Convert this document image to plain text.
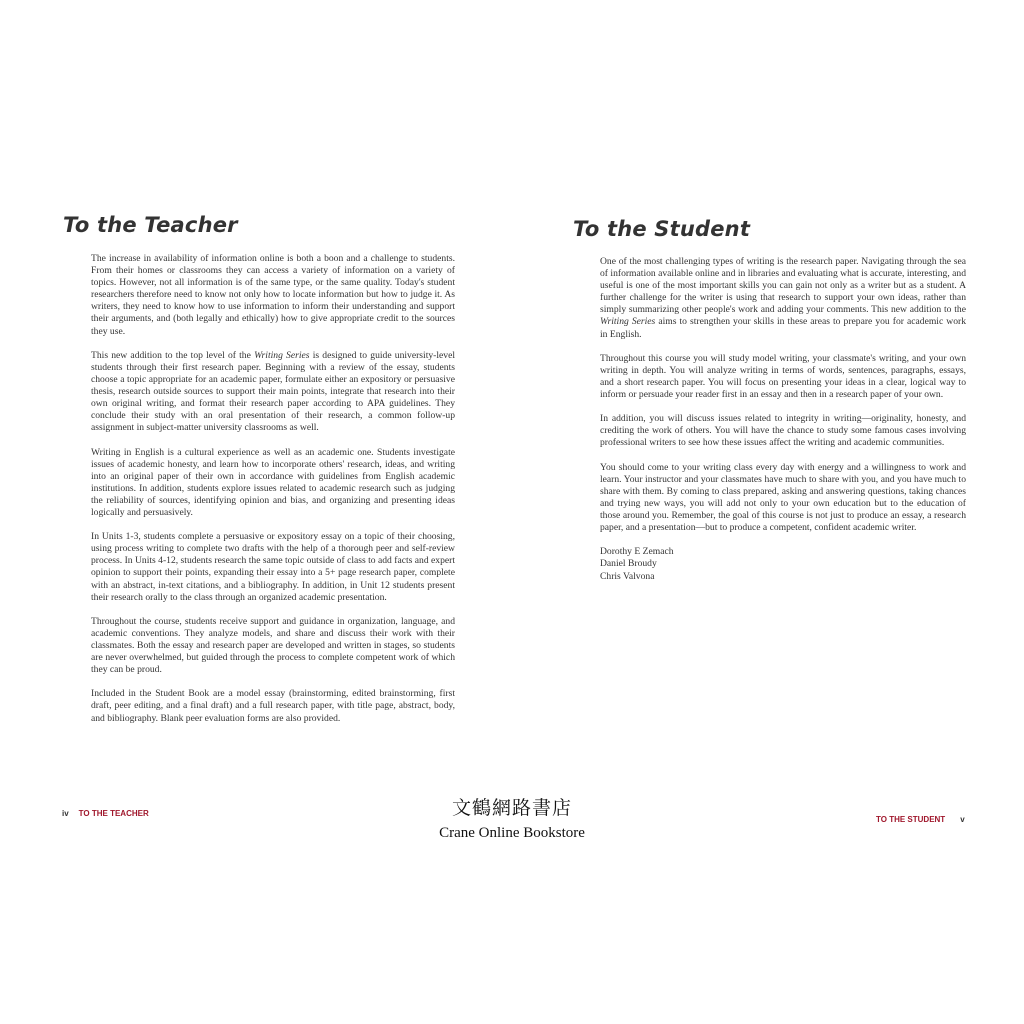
To the Teacher

The increase in availability of information online is both a boon and a challenge to students. From their homes or classrooms they can access a variety of information on a variety of topics. However, not all information is of the same type, or the same quality. Today's student researchers therefore need to know not only how to locate information but how to judge it. As writers, they need to know how to use information to inform their understanding and support their arguments, and (both legally and ethically) how to give appropriate credit to the sources they use.

This new addition to the top level of the Writing Series is designed to guide university-level students through their first research paper. Beginning with a review of the essay, students choose a topic appropriate for an academic paper, formulate either an expository or persuasive thesis, research outside sources to support their main points, integrate that research into their own original writing, and format their research paper according to APA guidelines. They conclude their study with an oral presentation of their research, a common follow-up assignment in subject-matter university classrooms as well.

Writing in English is a cultural experience as well as an academic one. Students investigate issues of academic honesty, and learn how to incorporate others' research, ideas, and writing into an original paper of their own in accordance with guidelines from English academic institutions. In addition, students explore issues related to academic research such as judging the reliability of sources, identifying opinion and bias, and organizing and presenting ideas logically and persuasively.

In Units 1-3, students complete a persuasive or expository essay on a topic of their choosing, using process writing to complete two drafts with the help of a thorough peer and self-review process. In Units 4-12, students research the same topic outside of class to add facts and expert opinion to support their points, expanding their essay into a 5+ page research paper, complete with an abstract, in-text citations, and a bibliography. In addition, in Unit 12 students present their research orally to the class through an organized academic presentation.

Throughout the course, students receive support and guidance in organization, language, and academic conventions. They analyze models, and share and discuss their work with their classmates. Both the essay and research paper are developed and written in stages, so students are never overwhelmed, but guided through the process to complete competent work of which they can be proud.

Included in the Student Book are a model essay (brainstorming, edited brainstorming, first draft, peer editing, and a final draft) and a full research paper, with title page, abstract, body, and bibliography. Blank peer evaluation forms are also provided.

iv TO THE TEACHER
To the Student

One of the most challenging types of writing is the research paper. Navigating through the sea of information available online and in libraries and evaluating what is accurate, interesting, and useful is one of the most important skills you can gain not only as a writer but as a student. A further challenge for the writer is using that research to support your own ideas, rather than simply summarizing other people's work and adding your comments. This new addition to the Writing Series aims to strengthen your skills in these areas to prepare you for academic work in English.

Throughout this course you will study model writing, your classmate's writing, and your own writing in depth. You will analyze writing in terms of words, sentences, paragraphs, essays, and a short research paper. You will focus on presenting your ideas in a clear, logical way to inform or persuade your reader first in an essay and then in a research paper of your own.

In addition, you will discuss issues related to integrity in writing—originality, honesty, and crediting the work of others. You will have the chance to study some famous cases involving professional writers to see how these issues affect the writing and academic communities.

You should come to your writing class every day with energy and a willingness to work and learn. Your instructor and your classmates have much to share with you, and you have much to share with them. By coming to class prepared, asking and answering questions, taking chances and trying new ways, you will add not only to your own education but to the education of those around you. Remember, the goal of this course is not just to produce an essay, a research paper, and a presentation—but to produce a competent, confident academic writer.

Dorothy E Zemach
Daniel Broudy
Chris Valvona
TO THE STUDENT v
文鶴網路書店
Crane Online Bookstore
